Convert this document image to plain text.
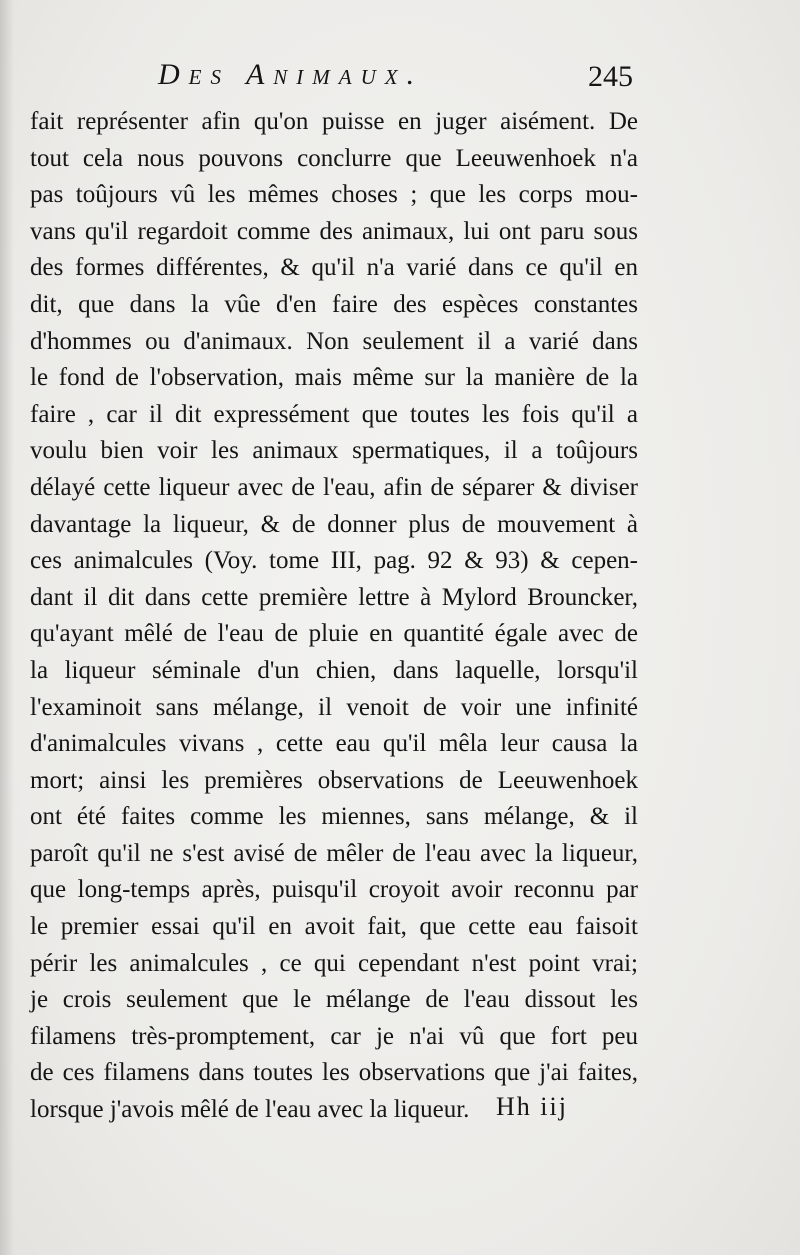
Des Animaux.	245
fait représenter afin qu'on puisse en juger aisément. De
tout cela nous pouvons conclurre que Leeuwenhoek n'a
pas toûjours vû les mêmes choses ; que les corps mou-
vans qu'il regardoit comme des animaux, lui ont paru sous
des formes différentes, & qu'il n'a varié dans ce qu'il en
dit, que dans la vûe d'en faire des espèces constantes
d'hommes ou d'animaux. Non seulement il a varié dans
le fond de l'observation, mais même sur la manière de la
faire , car il dit expressément que toutes les fois qu'il a
voulu bien voir les animaux spermatiques, il a toûjours
délayé cette liqueur avec de l'eau, afin de séparer & diviser
davantage la liqueur, & de donner plus de mouvement à
ces animalcules (Voy. tome III, pag. 92 & 93) & cepen-
dant il dit dans cette première lettre à Mylord Brouncker,
qu'ayant mêlé de l'eau de pluie en quantité égale avec de
la liqueur séminale d'un chien, dans laquelle, lorsqu'il
l'examinoit sans mélange, il venoit de voir une infinité
d'animalcules vivans , cette eau qu'il mêla leur causa la
mort; ainsi les premières observations de Leeuwenhoek
ont été faites comme les miennes, sans mélange, & il
paroît qu'il ne s'est avisé de mêler de l'eau avec la liqueur,
que long-temps après, puisqu'il croyoit avoir reconnu par
le premier essai qu'il en avoit fait, que cette eau faisoit
périr les animalcules , ce qui cependant n'est point vrai;
je crois seulement que le mélange de l'eau dissout les
filamens très-promptement, car je n'ai vû que fort peu
de ces filamens dans toutes les observations que j'ai faites,
lorsque j'avois mêlé de l'eau avec la liqueur.	Hh iij
